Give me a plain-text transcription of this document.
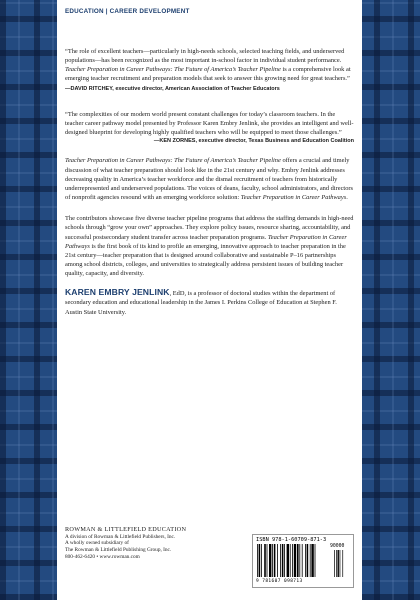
EDUCATION | CAREER DEVELOPMENT

“The role of excellent teachers—particularly in high-needs schools, selected teaching fields, and underserved populations—has been recognized as the most important in-school factor in individual student performance. Teacher Preparation in Career Pathways: The Future of America’s Teacher Pipeline is a comprehensive look at emerging teacher recruitment and preparation models that seek to answer this growing need for great teachers.” —DAVID RITCHEY, executive director, American Association of Teacher Educators

“The complexities of our modern world present constant challenges for today’s classroom teachers. In the teacher career pathway model presented by Professor Karen Embry Jenlink, she provides an intelligent and well-designed blueprint for developing highly qualified teachers who will be equipped to meet those challenges.”
—KEN ZORNES, executive director, Texas Business and Education Coalition

Teacher Preparation in Career Pathways: The Future of America’s Teacher Pipeline offers a crucial and timely discussion of what teacher preparation should look like in the 21st century and why. Embry Jenlink addresses decreasing quality in America’s teacher workforce and the dismal recruitment of teachers from historically underrepresented and underserved populations. The voices of deans, faculty, school administrators, and directors of nonprofit agencies resound with an emerging workforce solution: Teacher Preparation in Career Pathways.

The contributors showcase five diverse teacher pipeline programs that address the staffing demands in high-need schools through “grow your own” approaches. They explore policy issues, resource sharing, accountability, and successful postsecondary student transfer across teacher preparation programs. Teacher Preparation in Career Pathways is the first book of its kind to profile an emerging, innovative approach to teacher preparation in the 21st century—teacher preparation that is designed around collaborative and sustainable P–16 partnerships among school districts, colleges, and universities to strategically address persistent issues of building teacher quality, capacity, and diversity.

KAREN EMBRY JENLINK, EdD, is a professor of doctoral studies within the department of secondary education and educational leadership in the James I. Perkins College of Education at Stephen F. Austin State University.

ROWMAN & LITTLEFIELD EDUCATION
A division of Rowman & Littlefield Publishers, Inc.
A wholly owned subsidiary of
The Rowman & Littlefield Publishing Group, Inc.
800-462-6420 • www.rowman.com
ISBN 978-1-60709-871-3
90000
9 781607 098713
